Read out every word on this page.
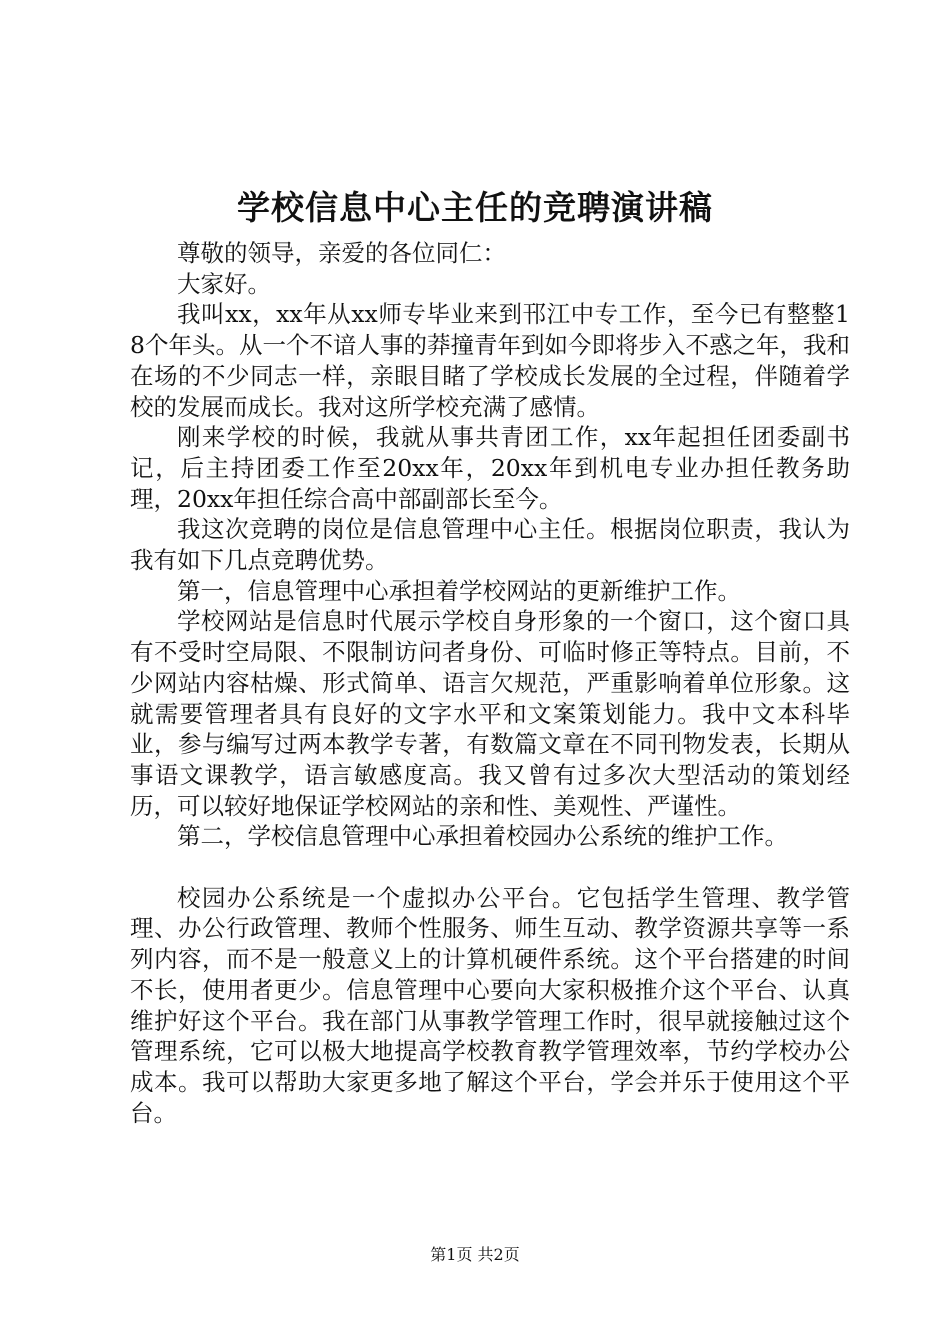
学校信息中心主任的竞聘演讲稿

尊敬的领导，亲爱的各位同仁：

大家好。

我叫xx，xx年从xx师专毕业来到邗江中专工作，至今已有整整18个年头。从一个不谙人事的莽撞青年到如今即将步入不惑之年，我和在场的不少同志一样，亲眼目睹了学校成长发展的全过程，伴随着学校的发展而成长。我对这所学校充满了感情。

刚来学校的时候，我就从事共青团工作，xx年起担任团委副书记，后主持团委工作至20xx年，20xx年到机电专业办担任教务助理，20xx年担任综合高中部副部长至今。

我这次竞聘的岗位是信息管理中心主任。根据岗位职责，我认为我有如下几点竞聘优势。

第一，信息管理中心承担着学校网站的更新维护工作。

学校网站是信息时代展示学校自身形象的一个窗口，这个窗口具有不受时空局限、不限制访问者身份、可临时修正等特点。目前，不少网站内容枯燥、形式简单、语言欠规范，严重影响着单位形象。这就需要管理者具有良好的文字水平和文案策划能力。我中文本科毕业，参与编写过两本教学专著，有数篇文章在不同刊物发表，长期从事语文课教学，语言敏感度高。我又曾有过多次大型活动的策划经历，可以较好地保证学校网站的亲和性、美观性、严谨性。

第二，学校信息管理中心承担着校园办公系统的维护工作。

校园办公系统是一个虚拟办公平台。它包括学生管理、教学管理、办公行政管理、教师个性服务、师生互动、教学资源共享等一系列内容，而不是一般意义上的计算机硬件系统。这个平台搭建的时间不长，使用者更少。信息管理中心要向大家积极推介这个平台、认真维护好这个平台。我在部门从事教学管理工作时，很早就接触过这个管理系统，它可以极大地提高学校教育教学管理效率，节约学校办公成本。我可以帮助大家更多地了解这个平台，学会并乐于使用这个平台。

第1页 共2页
